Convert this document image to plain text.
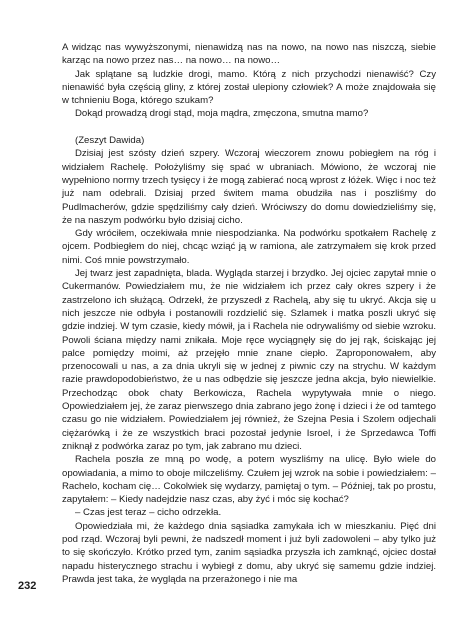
A widząc nas wywyższonymi, nienawidzą nas na nowo, na nowo nas niszczą, siebie karząc na nowo przez nas… na nowo… na nowo…

Jak splątane są ludzkie drogi, mamo. Którą z nich przychodzi nienawiść? Czy nienawiść była częścią gliny, z której został ulepiony człowiek? A może znajdowała się w tchnieniu Boga, którego szukam?

Dokąd prowadzą drogi stąd, moja mądra, zmęczona, smutna mamo?

(Zeszyt Dawida)

Dzisiaj jest szósty dzień szpery. Wczoraj wieczorem znowu pobiegłem na róg i widziałem Rachelę. Położyliśmy się spać w ubraniach. Mówiono, że wczoraj nie wypełniono normy trzech tysięcy i że mogą zabierać nocą wprost z łóżek. Więc i noc też już nam odebrali. Dzisiaj przed świtem mama obudziła nas i poszliśmy do Pudlmacherów, gdzie spędziliśmy cały dzień. Wróciwszy do domu dowiedzieliśmy się, że na naszym podwórku było dzisiaj cicho.

Gdy wróciłem, oczekiwała mnie niespodzianka. Na podwórku spotkałem Rachelę z ojcem. Podbiegłem do niej, chcąc wziąć ją w ramiona, ale zatrzymałem się krok przed nimi. Coś mnie powstrzymało.

Jej twarz jest zapadnięta, blada. Wygląda starzej i brzydko. Jej ojciec zapytał mnie o Cukermanów. Powiedziałem mu, że nie widziałem ich przez cały okres szpery i że zastrzelono ich służącą. Odrzekł, że przyszedł z Rachelą, aby się tu ukryć. Akcja się u nich jeszcze nie odbyła i postanowili rozdzielić się. Szlamek i matka poszli ukryć się gdzie indziej. W tym czasie, kiedy mówił, ja i Rachela nie odrywaliśmy od siebie wzroku. Powoli ściana między nami znikała. Moje ręce wyciągnęły się do jej rąk, ściskając jej palce pomiędzy moimi, aż przejęło mnie znane ciepło. Zaproponowałem, aby przenocowali u nas, a za dnia ukryli się w jednej z piwnic czy na strychu. W każdym razie prawdopodobieństwo, że u nas odbędzie się jeszcze jedna akcja, było niewielkie. Przechodząc obok chaty Berkowicza, Rachela wypytywała mnie o niego. Opowiedziałem jej, że zaraz pierwszego dnia zabrano jego żonę i dzieci i że od tamtego czasu go nie widziałem. Powiedziałem jej również, że Szejna Pesia i Szolem odjechali ciężarówką i że ze wszystkich braci pozostał jedynie Isroel, i że Sprzedawca Toffi zniknął z podwórka zaraz po tym, jak zabrano mu dzieci.

Rachela poszła ze mną po wodę, a potem wyszliśmy na ulicę. Było wiele do opowiadania, a mimo to oboje milczeliśmy. Czułem jej wzrok na sobie i powiedziałem: – Rachelo, kocham cię… Cokolwiek się wydarzy, pamiętaj o tym. – Później, tak po prostu, zapytałem: – Kiedy nadejdzie nasz czas, aby żyć i móc się kochać?

– Czas jest teraz – cicho odrzekła.

Opowiedziała mi, że każdego dnia sąsiadka zamykała ich w mieszkaniu. Pięć dni pod rząd. Wczoraj byli pewni, że nadszedł moment i już byli zadowoleni – aby tylko już to się skończyło. Krótko przed tym, zanim sąsiadka przyszła ich zamknąć, ojciec dostał napadu histerycznego strachu i wybiegł z domu, aby ukryć się samemu gdzie indziej. Prawda jest taka, że wygląda na przerażonego i nie ma

232
